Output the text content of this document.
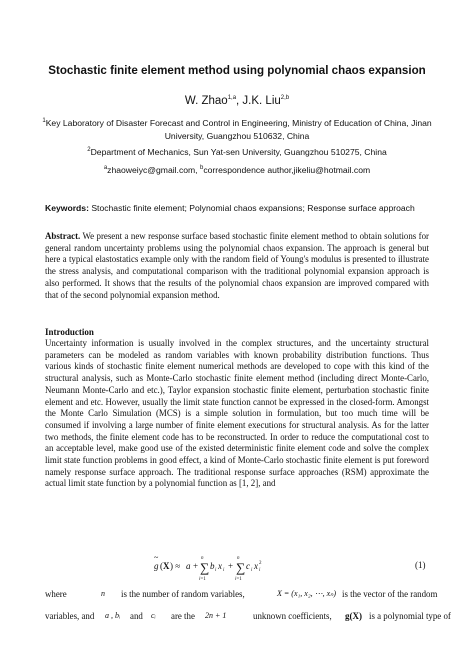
Stochastic finite element method using polynomial chaos expansion
W. Zhao$^{1,a}$, J.K. Liu$^{2,b}$
$^1$Key Laboratory of Disaster Forecast and Control in Engineering, Ministry of Education of China, Jinan University, Guangzhou 510632, China
$^2$Department of Mechanics, Sun Yat-sen University, Guangzhou 510275, China
$^a$zhaoweiyc@gmail.com, $^b$correspondence author,jikeliu@hotmail.com
Keywords: Stochastic finite element; Polynomial chaos expansions; Response surface approach
Abstract. We present a new response surface based stochastic finite element method to obtain solutions for general random uncertainty problems using the polynomial chaos expansion. The approach is general but here a typical elastostatics example only with the random field of Young's modulus is presented to illustrate the stress analysis, and computational comparison with the traditional polynomial expansion approach is also performed. It shows that the results of the polynomial chaos expansion are improved compared with that of the second polynomial expansion method.
Introduction
Uncertainty information is usually involved in the complex structures, and the uncertainty structural parameters can be modeled as random variables with known probability distribution functions. Thus various kinds of stochastic finite element numerical methods are developed to cope with this kind of the structural analysis, such as Monte-Carlo stochastic finite element method (including direct Monte-Carlo, Neumann Monte-Carlo and etc.), Taylor expansion stochastic finite element, perturbation stochastic finite element and etc. However, usually the limit state function cannot be expressed in the closed-form. Amongst the Monte Carlo Simulation (MCS) is a simple solution in formulation, but too much time will be consumed if involving a large number of finite element executions for structural analysis. As for the latter two methods, the finite element code has to be reconstructed. In order to reduce the computational cost to an acceptable level, make good use of the existed deterministic finite element code and solve the complex limit state function problems in good effect, a kind of Monte-Carlo stochastic finite element is put foreword namely response surface approach. The traditional response surface approaches (RSM) approximate the actual limit state function by a polynomial function as [1, 2], and
~
g ( X ) ≈ a +
n
∑
i=1
b i x i +
n
∑
i=1
c i x i
2	(1)
where	n is the number of random variables,	X = (x₁, x₂, ⋯, xₙ) is the vector of the random
variables, and a , bᵢ and cᵢ are the 2n + 1	unknown coefficients, g(X) is a polynomial type of
